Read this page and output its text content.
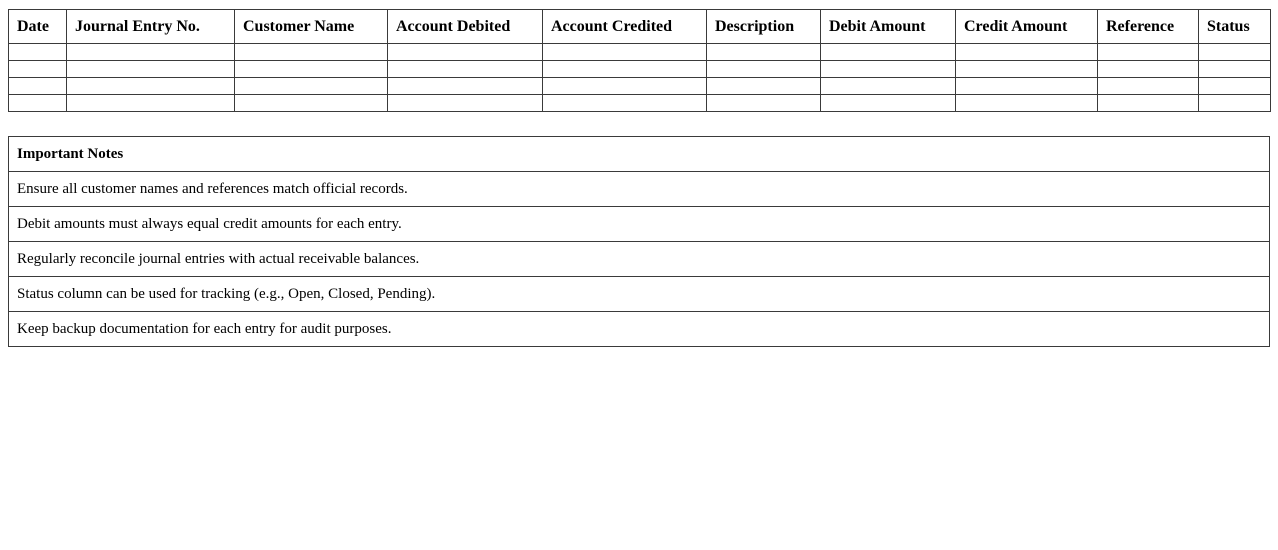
Date	Journal Entry No.	Customer Name	Account Debited	Account Credited	Description	Debit Amount	Credit Amount	Reference	Status

Important Notes
Ensure all customer names and references match official records.
Debit amounts must always equal credit amounts for each entry.
Regularly reconcile journal entries with actual receivable balances.
Status column can be used for tracking (e.g., Open, Closed, Pending).
Keep backup documentation for each entry for audit purposes.
